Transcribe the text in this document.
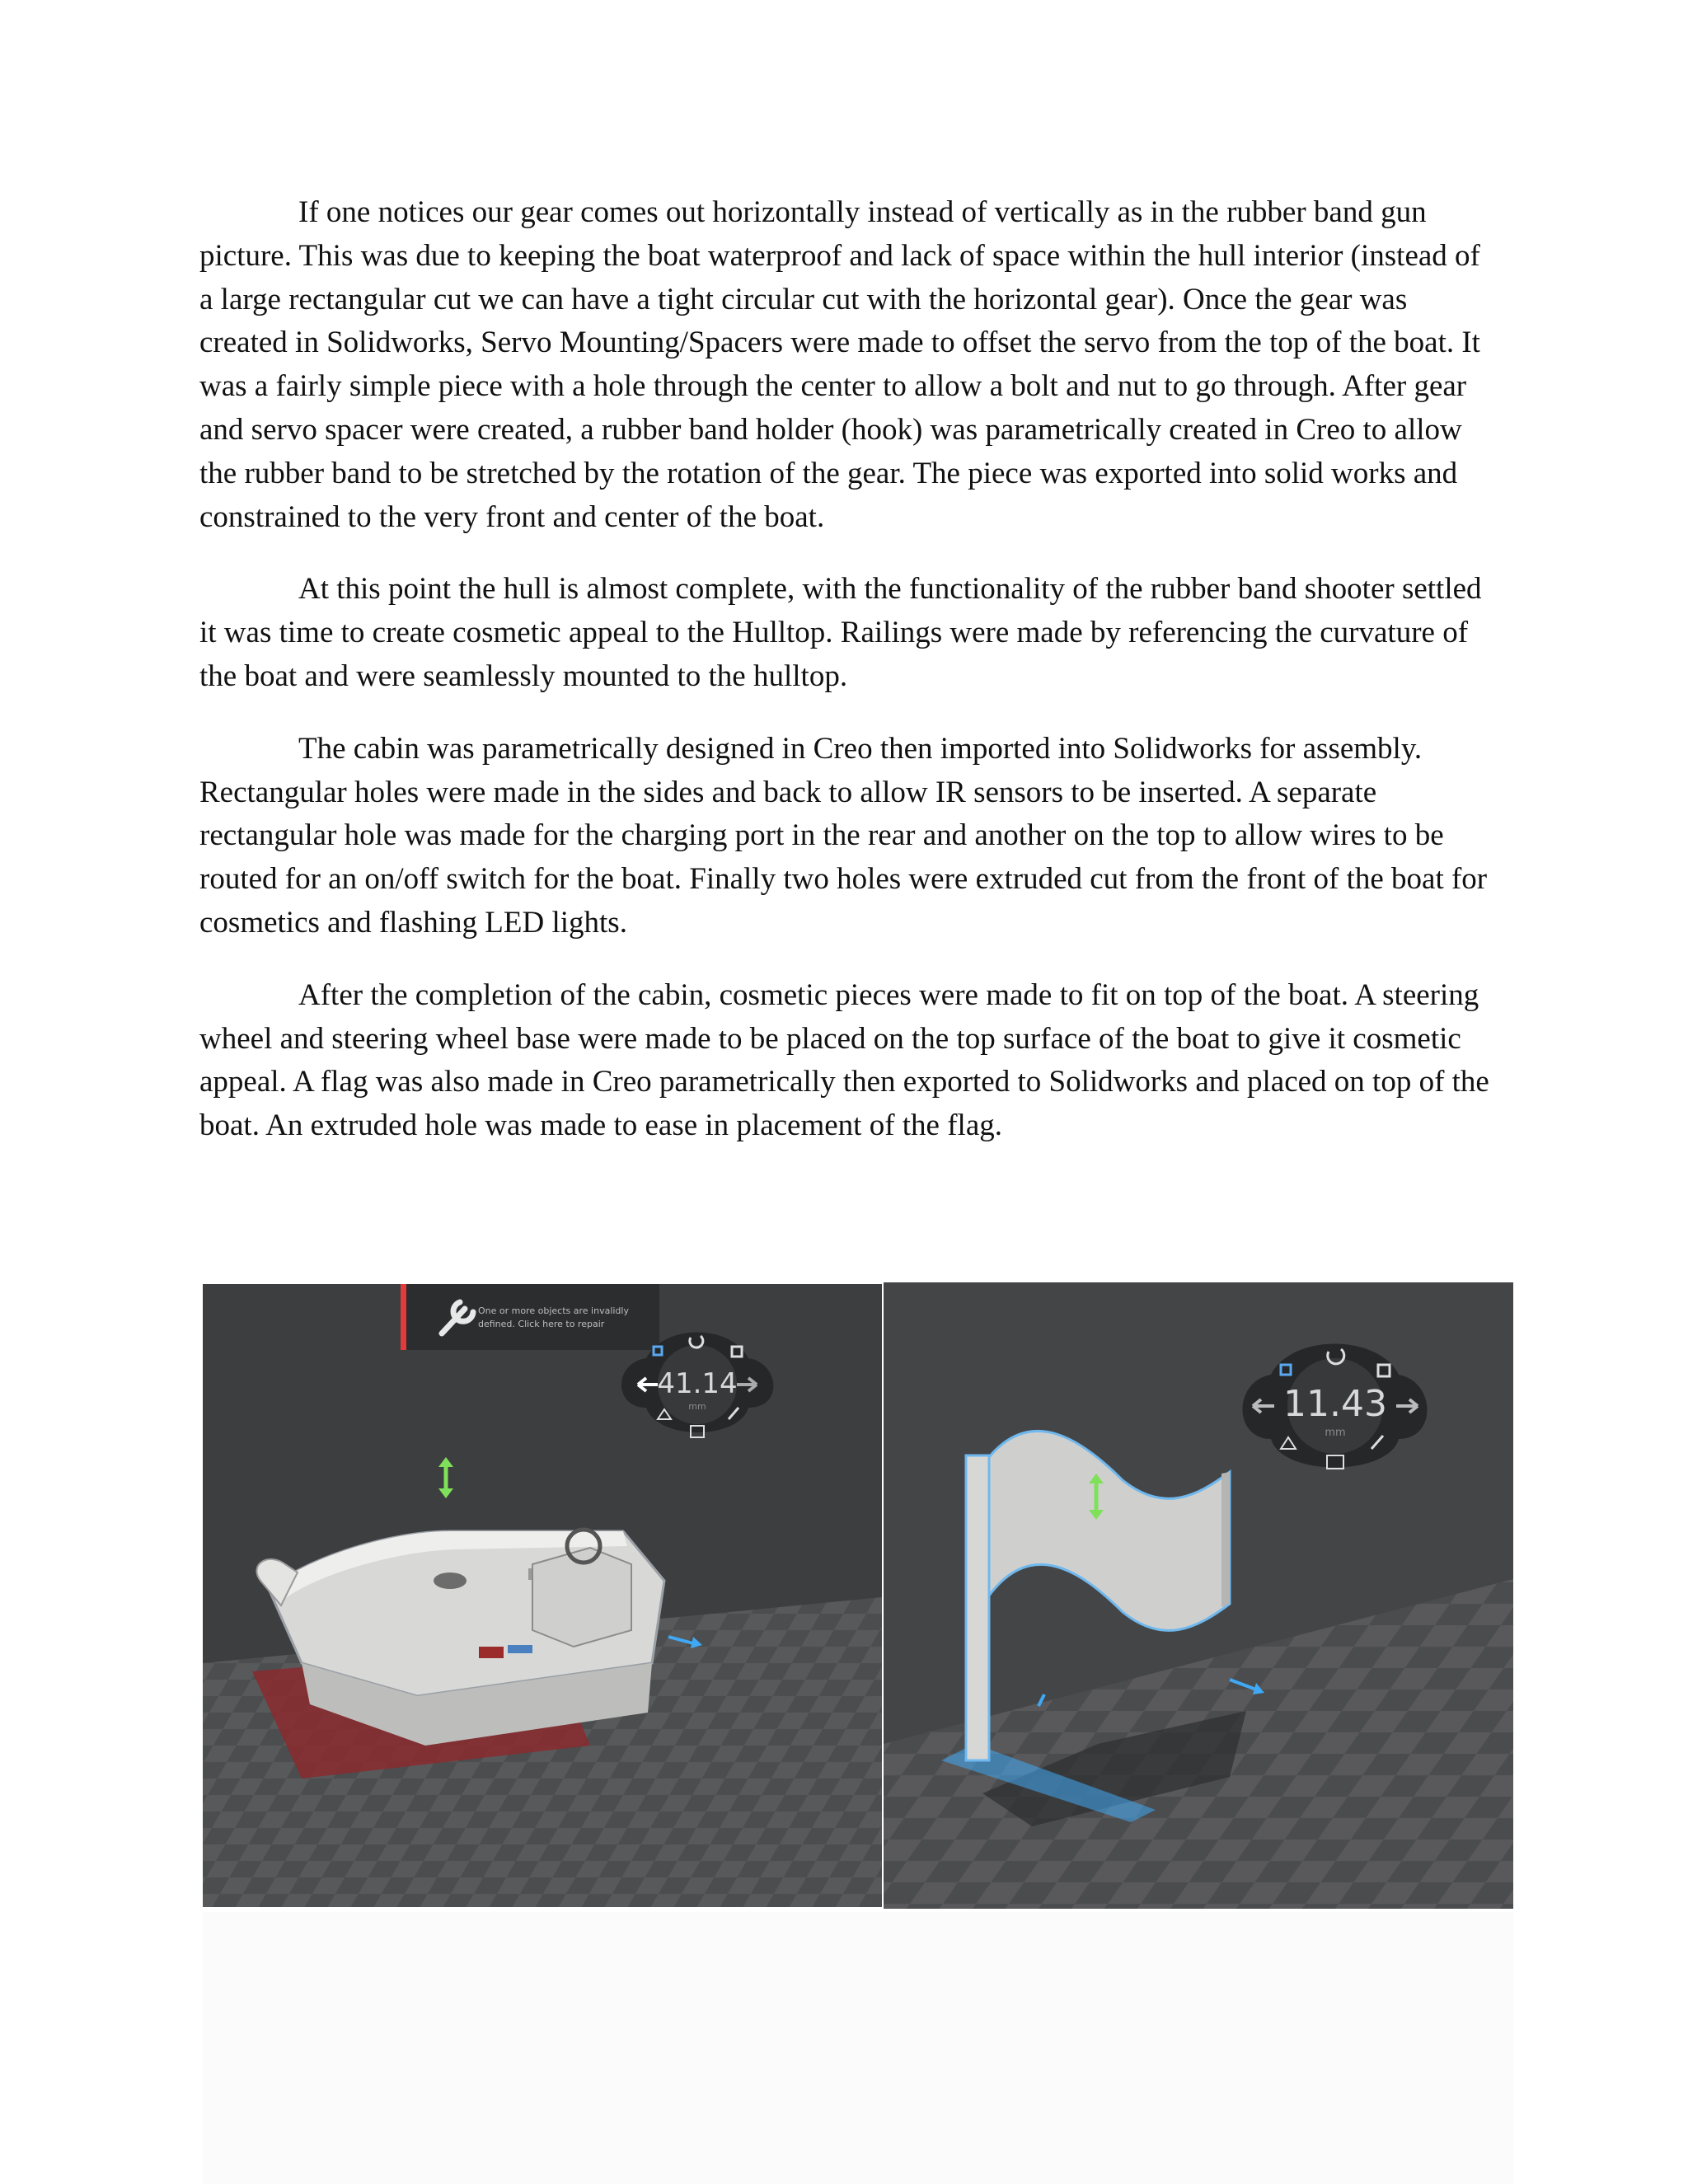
If one notices our gear comes out horizontally instead of vertically as in the rubber band gun picture. This was due to keeping the boat waterproof and lack of space within the hull interior (instead of a large rectangular cut we can have a tight circular cut with the horizontal gear). Once the gear was created in Solidworks, Servo Mounting/Spacers were made to offset the servo from the top of the boat. It was a fairly simple piece with a hole through the center to allow a bolt and nut to go through. After gear and servo spacer were created, a rubber band holder (hook) was parametrically created in Creo to allow the rubber band to be stretched by the rotation of the gear. The piece was exported into solid works and constrained to the very front and center of the boat.

At this point the hull is almost complete, with the functionality of the rubber band shooter settled it was time to create cosmetic appeal to the Hulltop. Railings were made by referencing the curvature of the boat and were seamlessly mounted to the hulltop.

The cabin was parametrically designed in Creo then imported into Solidworks for assembly. Rectangular holes were made in the sides and back to allow IR sensors to be inserted. A separate rectangular hole was made for the charging port in the rear and another on the top to allow wires to be routed for an on/off switch for the boat. Finally two holes were extruded cut from the front of the boat for cosmetics and flashing LED lights.

After the completion of the cabin, cosmetic pieces were made to fit on top of the boat. A steering wheel and steering wheel base were made to be placed on the top surface of the boat to give it cosmetic appeal. A flag was also made in Creo parametrically then exported to Solidworks and placed on top of the boat. An extruded hole was made to ease in placement of the flag.

One or more objects are invalidly
defined. Click here to repair
41.14
mm	11.43
mm
